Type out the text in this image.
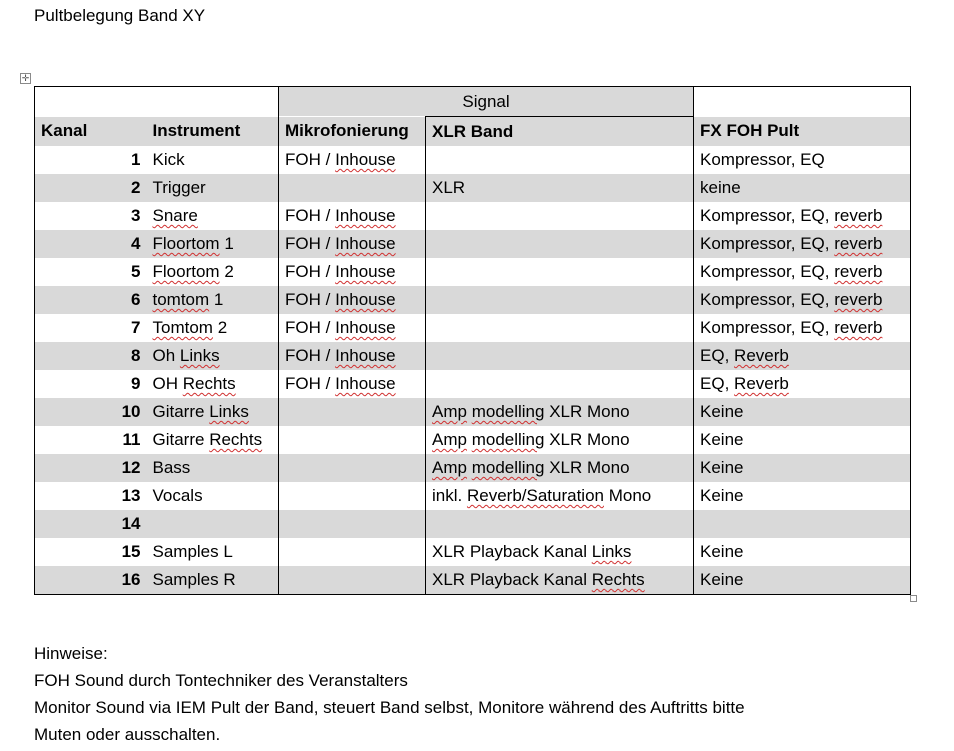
Pultbelegung Band XY
✛
		Signal		
Kanal	Instrument	Mikrofonierung	XLR Band	FX FOH Pult
1	Kick	FOH / Inhouse		Kompressor, EQ
2	Trigger		XLR	keine
3	Snare	FOH / Inhouse		Kompressor, EQ, reverb
4	Floortom 1	FOH / Inhouse		Kompressor, EQ, reverb
5	Floortom 2	FOH / Inhouse		Kompressor, EQ, reverb
6	tomtom 1	FOH / Inhouse		Kompressor, EQ, reverb
7	Tomtom 2	FOH / Inhouse		Kompressor, EQ, reverb
8	Oh Links	FOH / Inhouse		EQ, Reverb
9	OH Rechts	FOH / Inhouse		EQ, Reverb
10	Gitarre Links		Amp modelling XLR Mono	Keine
11	Gitarre Rechts		Amp modelling XLR Mono	Keine
12	Bass		Amp modelling XLR Mono	Keine
13	Vocals		inkl. Reverb/Saturation Mono	Keine
14				
15	Samples L		XLR Playback Kanal Links	Keine
16	Samples R		XLR Playback Kanal Rechts	Keine
Hinweise:
FOH Sound durch Tontechniker des Veranstalters
Monitor Sound via IEM Pult der Band, steuert Band selbst, Monitore während des Auftritts bitte
Muten oder ausschalten.
